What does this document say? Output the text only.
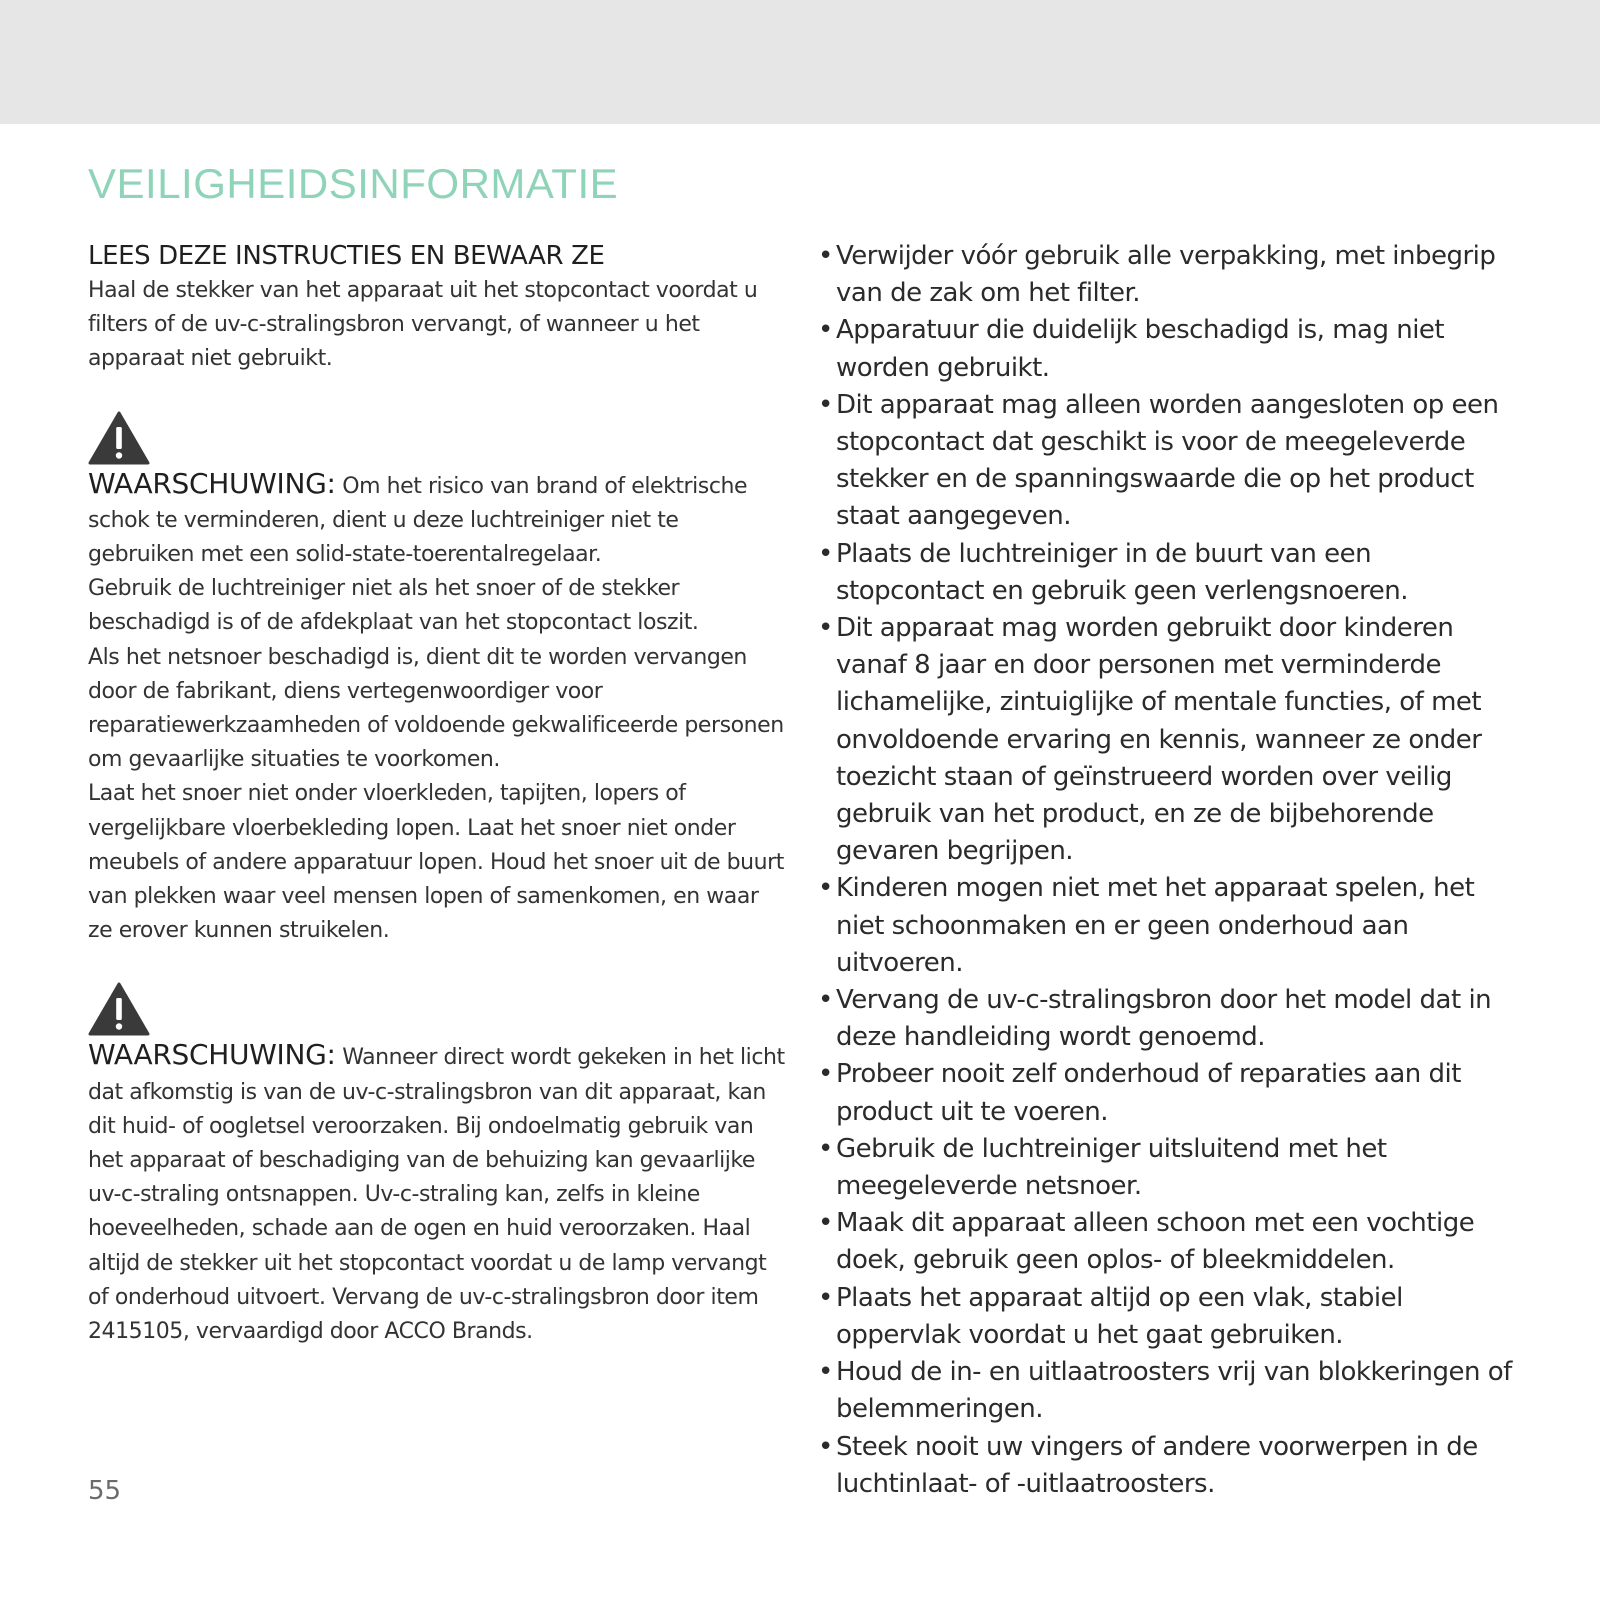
VEILIGHEIDSINFORMATIE
LEES DEZE INSTRUCTIES EN BEWAAR ZE
Haal de stekker van het apparaat uit het stopcontact voordat u filters of de uv-c-stralingsbron vervangt, of wanneer u het apparaat niet gebruikt.

WAARSCHUWING: Om het risico van brand of elektrische schok te verminderen, dient u deze luchtreiniger niet te gebruiken met een solid-state-toerentalregelaar.

Gebruik de luchtreiniger niet als het snoer of de stekker beschadigd is of de afdekplaat van het stopcontact loszit.

Als het netsnoer beschadigd is, dient dit te worden vervangen door de fabrikant, diens vertegenwoordiger voor reparatiewerkzaamheden of voldoende gekwalificeerde personen om gevaarlijke situaties te voorkomen.

Laat het snoer niet onder vloerkleden, tapijten, lopers of vergelijkbare vloerbekleding lopen. Laat het snoer niet onder meubels of andere apparatuur lopen. Houd het snoer uit de buurt van plekken waar veel mensen lopen of samenkomen, en waar ze erover kunnen struikelen.

WAARSCHUWING: Wanneer direct wordt gekeken in het licht dat afkomstig is van de uv-c-stralingsbron van dit apparaat, kan dit huid- of oogletsel veroorzaken. Bij ondoelmatig gebruik van het apparaat of beschadiging van de behuizing kan gevaarlijke uv-c-straling ontsnappen. Uv-c-straling kan, zelfs in kleine hoeveelheden, schade aan de ogen en huid veroorzaken. Haal altijd de stekker uit het stopcontact voordat u de lamp vervangt of onderhoud uitvoert. Vervang de uv-c-stralingsbron door item 2415105, vervaardigd door ACCO Brands.

• Verwijder vóór gebruik alle verpakking, met inbegrip van de zak om het filter.
• Apparatuur die duidelijk beschadigd is, mag niet worden gebruikt.
• Dit apparaat mag alleen worden aangesloten op een stopcontact dat geschikt is voor de meegeleverde stekker en de spanningswaarde die op het product staat aangegeven.
• Plaats de luchtreiniger in de buurt van een stopcontact en gebruik geen verlengsnoeren.
• Dit apparaat mag worden gebruikt door kinderen vanaf 8 jaar en door personen met verminderde lichamelijke, zintuiglijke of mentale functies, of met onvoldoende ervaring en kennis, wanneer ze onder toezicht staan of geïnstrueerd worden over veilig gebruik van het product, en ze de bijbehorende gevaren begrijpen.
• Kinderen mogen niet met het apparaat spelen, het niet schoonmaken en er geen onderhoud aan uitvoeren.
• Vervang de uv-c-stralingsbron door het model dat in deze handleiding wordt genoemd.
• Probeer nooit zelf onderhoud of reparaties aan dit product uit te voeren.
• Gebruik de luchtreiniger uitsluitend met het meegeleverde netsnoer.
• Maak dit apparaat alleen schoon met een vochtige doek, gebruik geen oplos- of bleekmiddelen.
• Plaats het apparaat altijd op een vlak, stabiel oppervlak voordat u het gaat gebruiken.
• Houd de in- en uitlaatroosters vrij van blokkeringen of belemmeringen.
• Steek nooit uw vingers of andere voorwerpen in de luchtinlaat- of -uitlaatroosters.
55
